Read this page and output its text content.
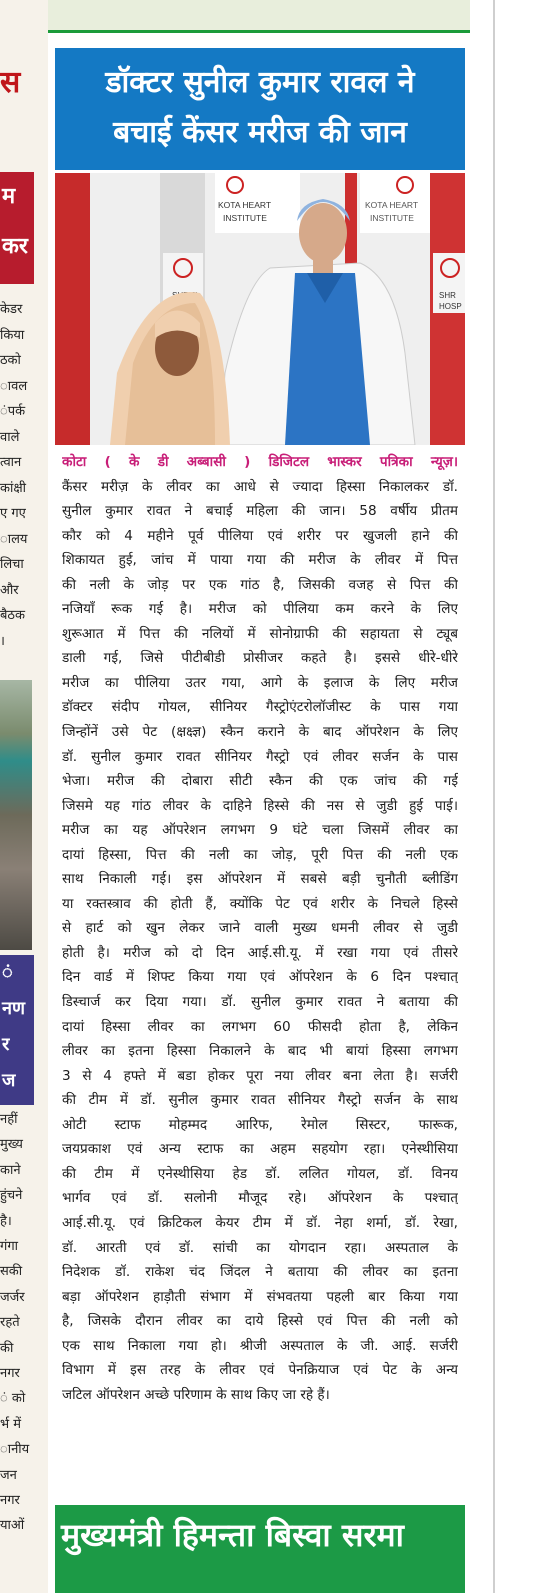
स
म
कर
केडर
किया
ठको
ावल
ंपर्क
वाले
त्वान
कांक्षी
ए गए
ालय
लिचा
और
बैठक
।
ं
नण
र
ज
नहीं
मुख्य
काने
हुंचने
है।
गंगा
सकी
जर्जर
रहते
की
नगर
ं को
र्भ में
ानीय
जन
नगर
याओं
डॉक्टर सुनील कुमार रावल ने
बचाई केंसर मरीज की जान
KOTA HEART
INSTITUTE
KOTA HEART
INSTITUTE
SHR
HOSP
कोटा ( के डी अब्बासी ) डिजिटल भास्कर पत्रिका न्यूज़।
कैंसर मरीज़ के लीवर का आधे से ज्यादा हिस्सा निकालकर डॉ.
सुनील कुमार रावत ने बचाई महिला की जान। 58 वर्षीय प्रीतम
कौर को 4 महीने पूर्व पीलिया एवं शरीर पर खुजली हाने की
शिकायत हुई, जांच में पाया गया की मरीज के लीवर में पित्त
की नली के जोड़ पर एक गांठ है, जिसकी वजह से पित्त की
नजियाँ रूक गई है। मरीज को पीलिया कम करने के लिए
शुरूआत में पित्त की नलियों में सोनोग्राफी की सहायता से ट्यूब
डाली गई, जिसे पीटीबीडी प्रोसीजर कहते है। इससे धीरे-धीरे
मरीज का पीलिया उतर गया, आगे के इलाज के लिए मरीज
डॉक्टर संदीप गोयल, सीनियर गैस्ट्रोएंटरोलॉजीस्ट के पास गया
जिन्होंनें उसे पेट (क्षक्ष्ज्ञ) स्कैन कराने के बाद ऑपरेशन के लिए
डॉ. सुनील कुमार रावत सीनियर गैस्ट्रो एवं लीवर सर्जन के पास
भेजा। मरीज की दोबारा सीटी स्कैन की एक जांच की गई
जिसमे यह गांठ लीवर के दाहिने हिस्से की नस से जुडी हुई पाई।
मरीज का यह ऑपरेशन लगभग 9 घंटे चला जिसमें लीवर का
दायां हिस्सा, पित्त की नली का जोड़, पूरी पित्त की नली एक
साथ निकाली गई। इस ऑपरेशन में सबसे बड़ी चुनौती ब्लीडिंग
या रक्तस्त्राव की होती हैं, क्योंकि पेट एवं शरीर के निचले हिस्से
से हार्ट को खुन लेकर जाने वाली मुख्य धमनी लीवर से जुडी
होती है। मरीज को दो दिन आई.सी.यू. में रखा गया एवं तीसरे
दिन वार्ड में शिफ्ट किया गया एवं ऑपरेशन के 6 दिन पश्चात्
डिस्चार्ज कर दिया गया। डॉ. सुनील कुमार रावत ने बताया की
दायां हिस्सा लीवर का लगभग 60 फीसदी होता है, लेकिन
लीवर का इतना हिस्सा निकालने के बाद भी बायां हिस्सा लगभग
3 से 4 हफ्ते में बडा होकर पूरा नया लीवर बना लेता है। सर्जरी
की टीम में डॉ. सुनील कुमार रावत सीनियर गैस्ट्रो सर्जन के साथ
ओटी स्टाफ मोहम्मद आरिफ, रेमोल सिस्टर, फारूक,
जयप्रकाश एवं अन्य स्टाफ का अहम सहयोग रहा। एनेस्थीसिया
की टीम में एनेस्थीसिया हेड डॉ. ललित गोयल, डॉ. विनय
भार्गव एवं डॉ. सलोनी मौजूद रहे। ऑपरेशन के पश्चात्
आई.सी.यू. एवं क्रिटिकल केयर टीम में डॉ. नेहा शर्मा, डॉ. रेखा,
डॉ. आरती एवं डॉ. सांची का योगदान रहा। अस्पताल के
निदेशक डॉ. राकेश चंद जिंदल ने बताया की लीवर का इतना
बड़ा ऑपरेशन हाड़ौती संभाग में संभवतया पहली बार किया गया
है, जिसके दौरान लीवर का दाये हिस्से एवं पित्त की नली को
एक साथ निकाला गया हो। श्रीजी अस्पताल के जी. आई. सर्जरी
विभाग में इस तरह के लीवर एवं पेनक्रियाज एवं पेट के अन्य
जटिल ऑपरेशन अच्छे परिणाम के साथ किए जा रहे हैं।
मुख्यमंत्री हिमन्ता बिस्वा सरमा
